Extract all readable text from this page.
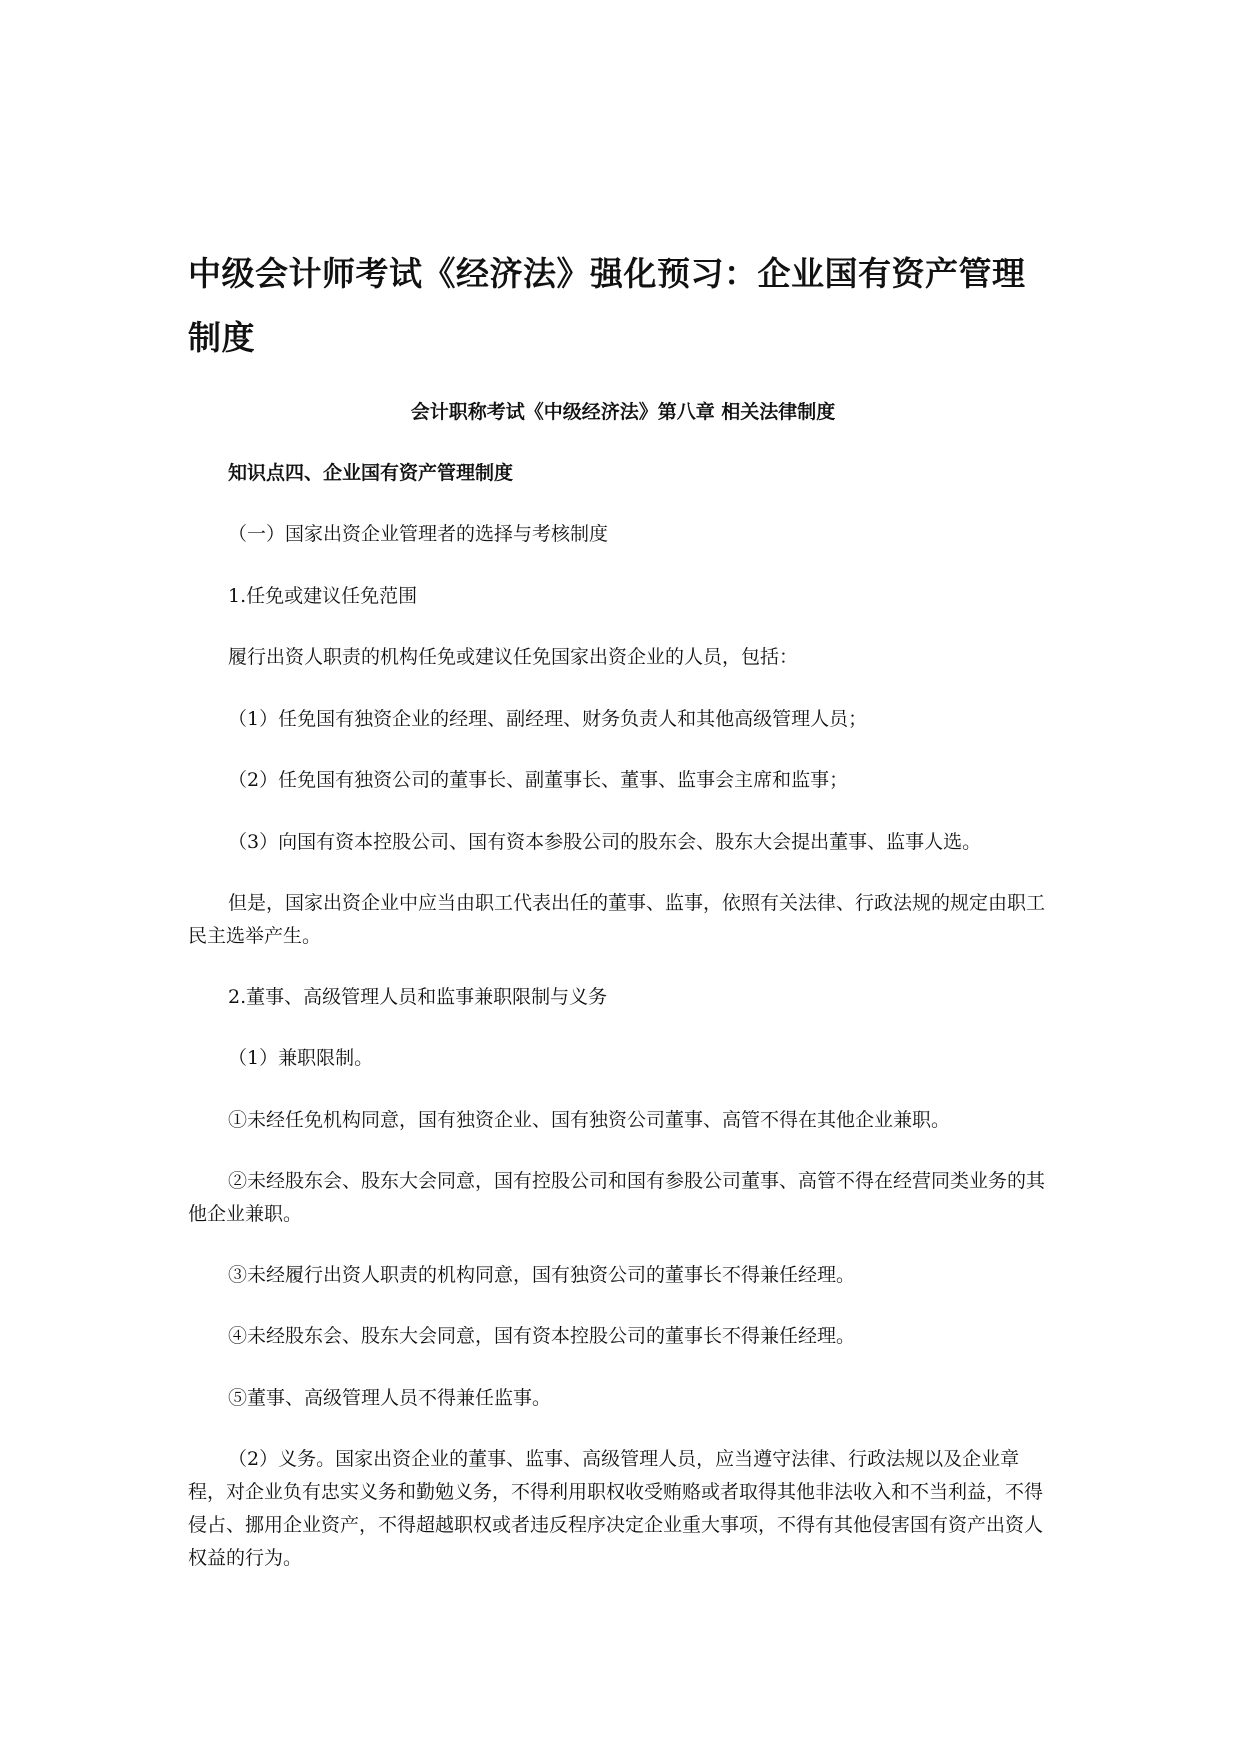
中级会计师考试《经济法》强化预习：企业国有资产管理制度
会计职称考试《中级经济法》第八章 相关法律制度

知识点四、企业国有资产管理制度

（一）国家出资企业管理者的选择与考核制度

1.任免或建议任免范围

履行出资人职责的机构任免或建议任免国家出资企业的人员，包括：

（1）任免国有独资企业的经理、副经理、财务负责人和其他高级管理人员；

（2）任免国有独资公司的董事长、副董事长、董事、监事会主席和监事；

（3）向国有资本控股公司、国有资本参股公司的股东会、股东大会提出董事、监事人选。

但是，国家出资企业中应当由职工代表出任的董事、监事，依照有关法律、行政法规的规定由职工民主选举产生。

2.董事、高级管理人员和监事兼职限制与义务

（1）兼职限制。

①未经任免机构同意，国有独资企业、国有独资公司董事、高管不得在其他企业兼职。

②未经股东会、股东大会同意，国有控股公司和国有参股公司董事、高管不得在经营同类业务的其他企业兼职。

③未经履行出资人职责的机构同意，国有独资公司的董事长不得兼任经理。

④未经股东会、股东大会同意，国有资本控股公司的董事长不得兼任经理。

⑤董事、高级管理人员不得兼任监事。

（2）义务。国家出资企业的董事、监事、高级管理人员，应当遵守法律、行政法规以及企业章程，对企业负有忠实义务和勤勉义务，不得利用职权收受贿赂或者取得其他非法收入和不当利益，不得侵占、挪用企业资产，不得超越职权或者违反程序决定企业重大事项，不得有其他侵害国有资产出资人权益的行为。
